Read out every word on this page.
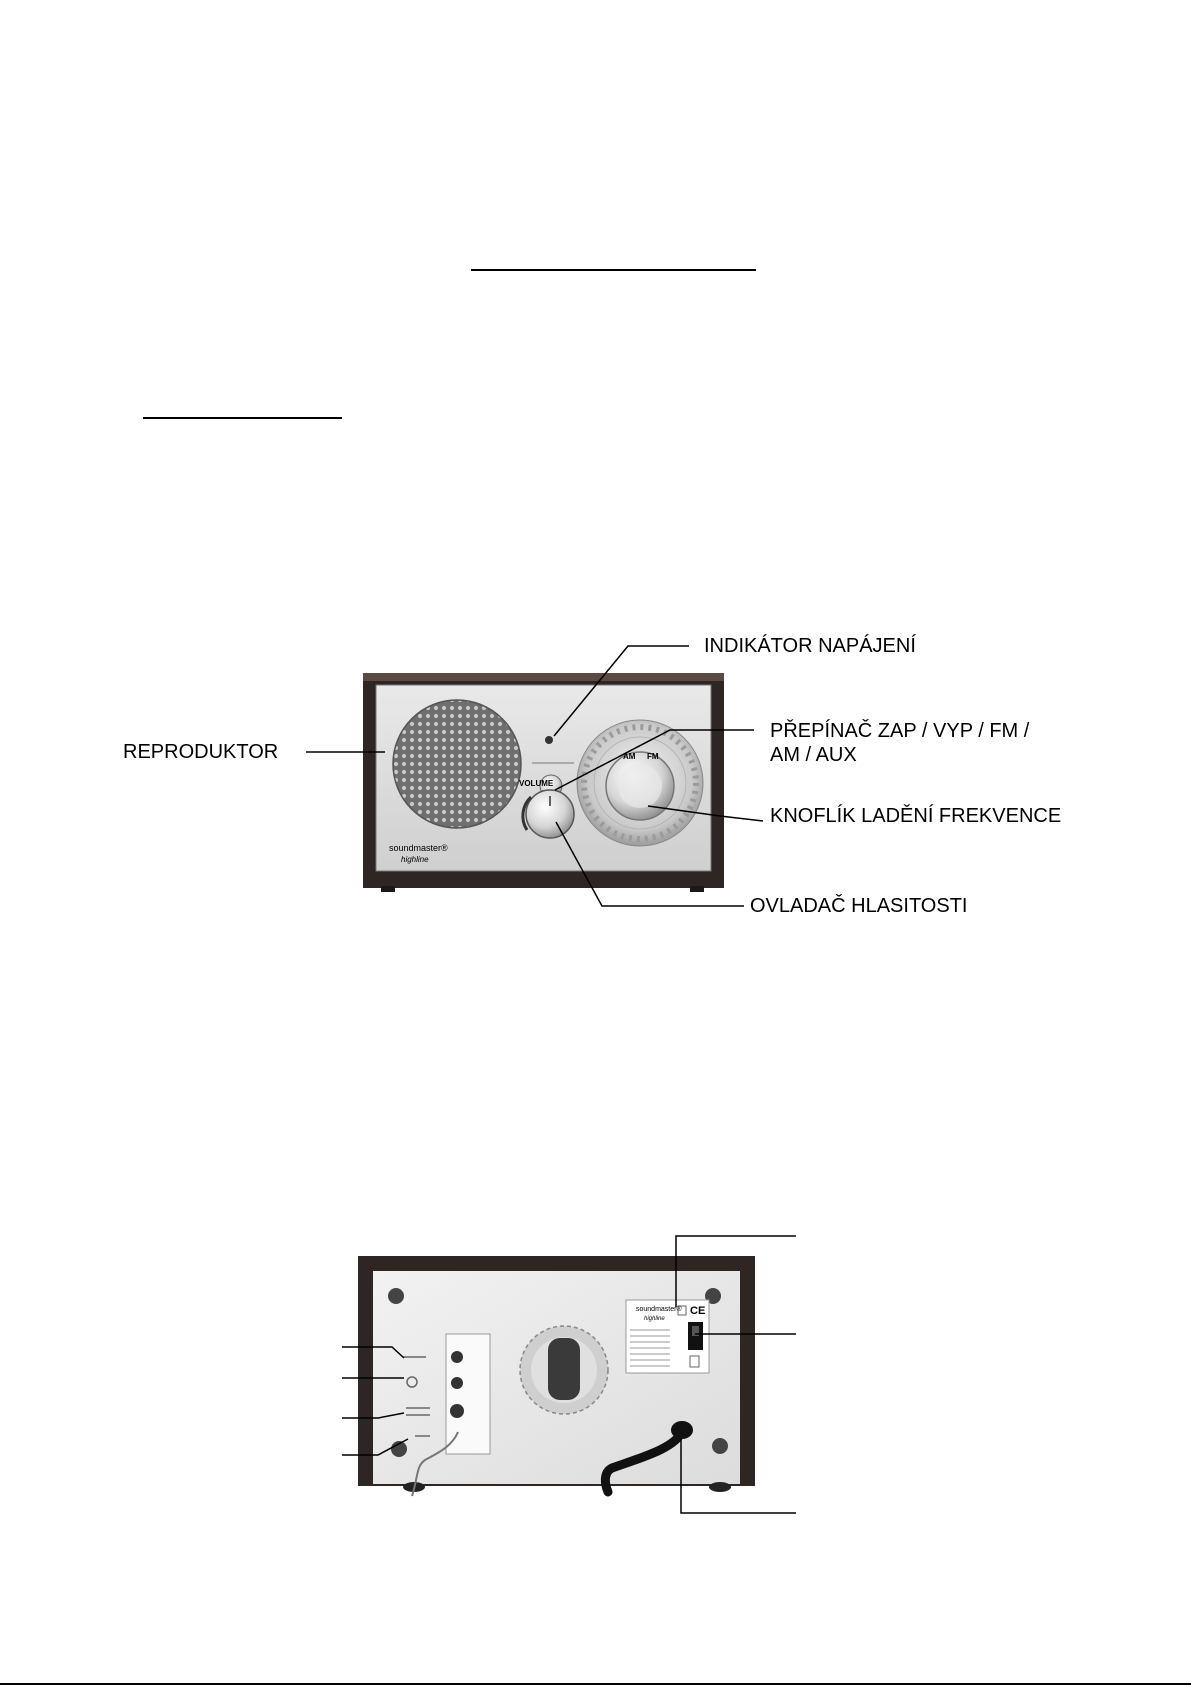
soundmaster®
highline
VOLUME
AM FM
INDIKÁTOR NAPÁJENÍ
PŘEPÍNAČ ZAP / VYP / FM /
AM / AUX
REPRODUKTOR
KNOFLÍK LADĚNÍ FREKVENCE
OVLADAČ HLASITOSTI
soundmaster®
highline
CE
